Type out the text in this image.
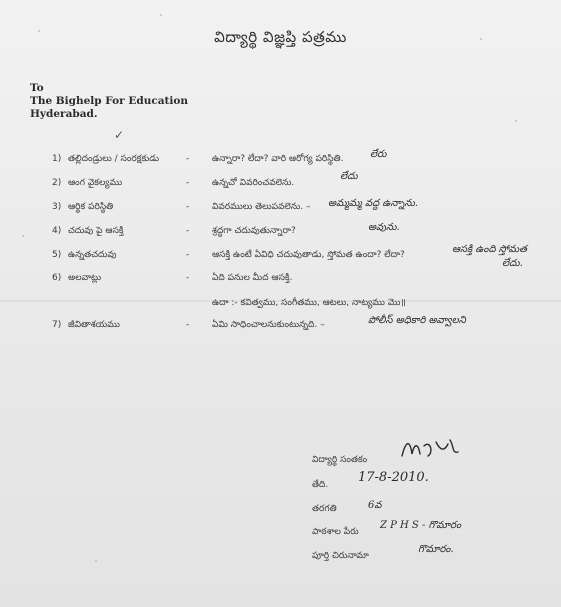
విద్యార్థి విజ్ఞప్తి పత్రము
To
The Bighelp For Education
Hyderabad.
✓
1) తల్లిదండ్రులు / సంరక్షకుడు	-	ఉన్నారా? లేదా? వారి ఆరోగ్య పరిస్థితి.	లేరు
2) ఆంగ వైకల్యము	-	ఉన్నచో వివరించవలెను.
లేదు
3) ఆర్థిక పరిస్థితి	-	వివరములు తెలుపవలెను. – అమ్మమ్మ వద్ద ఉన్నాను.
4) చదువు పై ఆసక్తి	-	శ్రద్ధగా చదువుతున్నారా?	అవును.
5) ఉన్నతచదువు	-	ఆసక్తి ఉంటే ఏవిధి చదువుతాడు, స్తోమత ఉందా? లేదా?	ఆసక్తి ఉంది స్తోమత
లేదు.
6) అలవాట్లు	-	ఏది పనుల మీద ఆసక్తి.
ఉదా :- కవిత్వము, సంగీతము, ఆటలు, నాట్యము మొ॥
7) జీవితాశయము	-	ఏమి సాధించాలనుకుంటున్నది. –	పోలీస్ అధికారి అవ్వాలని
విద్యార్థి సంతకం
తేది. 17-8-2010.
తరగతి	6వ
పాఠశాల పేరు
Z P H S - గొమారం
పూర్తి చిరునామా
గొమారం.
